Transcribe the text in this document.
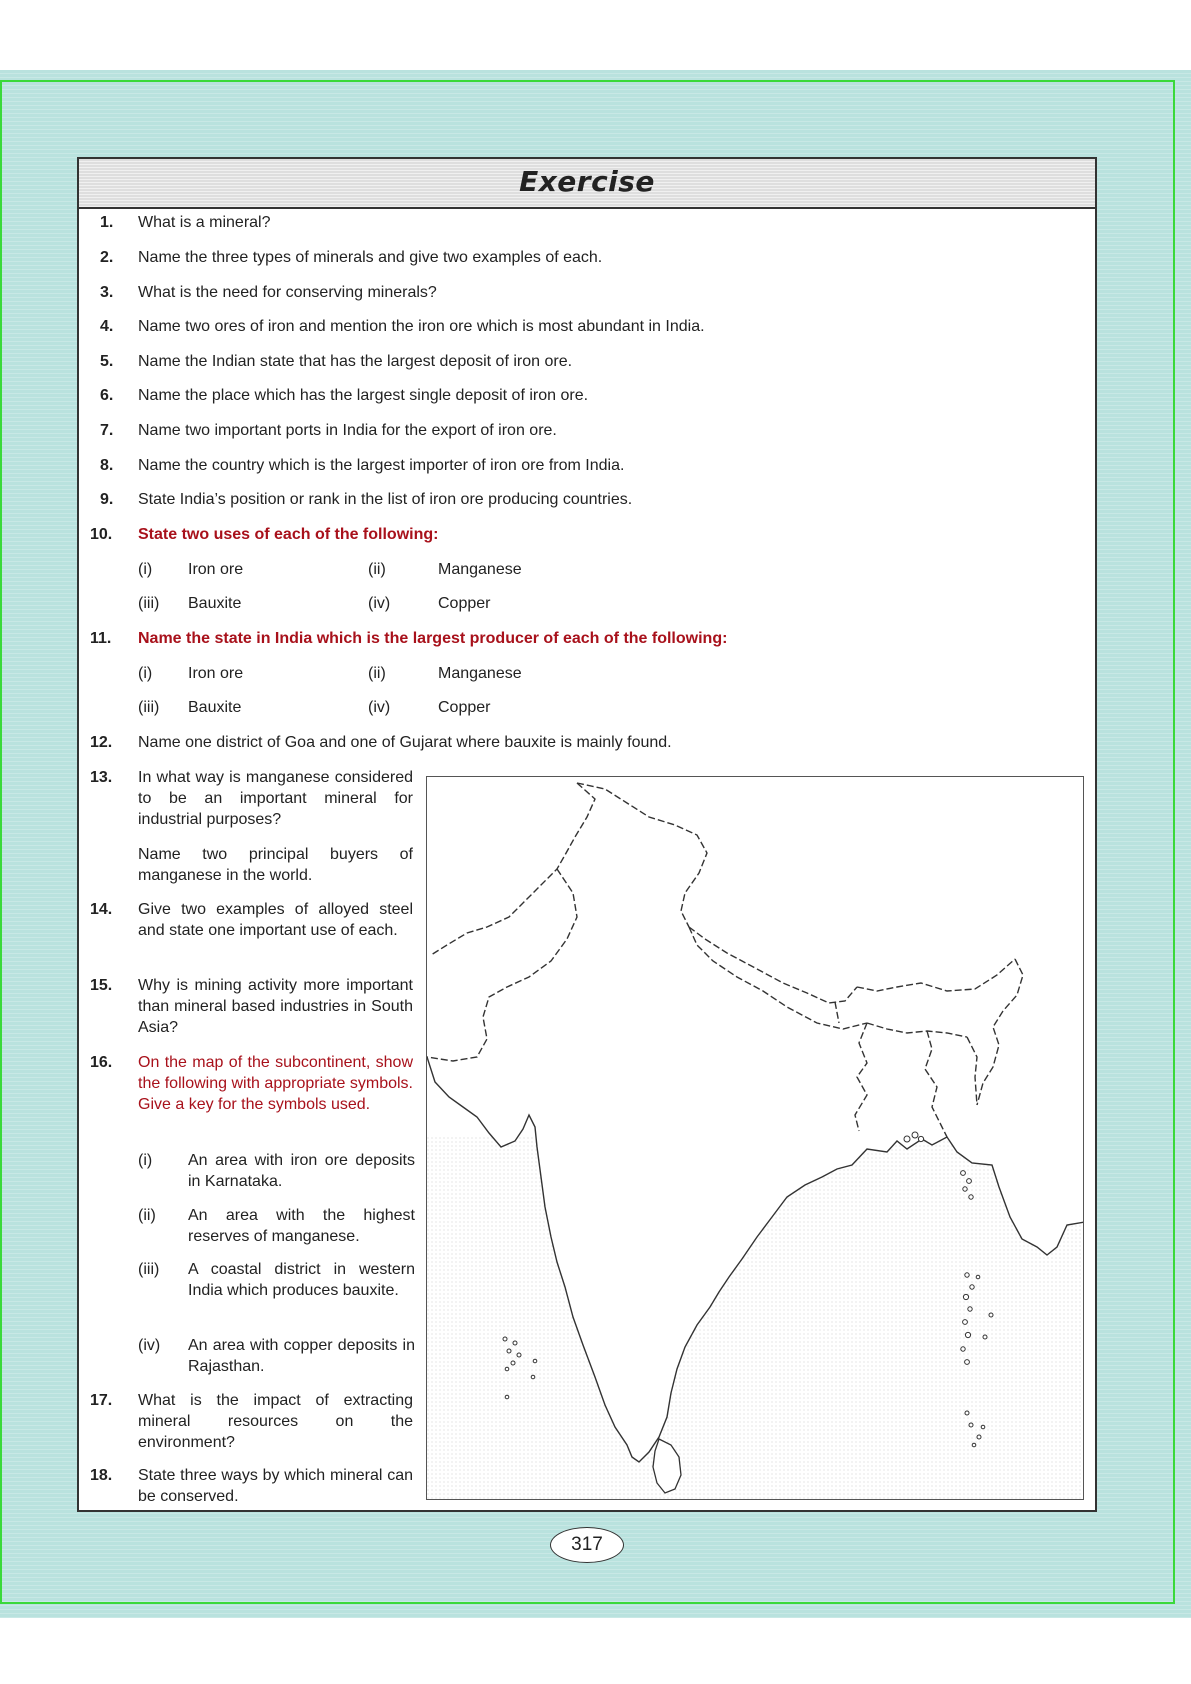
Exercise
1. What is a mineral?
2. Name the three types of minerals and give two examples of each.
3. What is the need for conserving minerals?
4. Name two ores of iron and mention the iron ore which is most abundant in India.
5. Name the Indian state that has the largest deposit of iron ore.
6. Name the place which has the largest single deposit of iron ore.
7. Name two important ports in India for the export of iron ore.
8. Name the country which is the largest importer of iron ore from India.
9. State India’s position or rank in the list of iron ore producing countries.
10. State two uses of each of the following:
(i) Iron ore	(ii)	Manganese
(iii) Bauxite	(iv)	Copper
11. Name the state in India which is the largest producer of each of the following:
(i) Iron ore	(ii)	Manganese
(iii) Bauxite	(iv)	Copper
12. Name one district of Goa and one of Gujarat where bauxite is mainly found.
13. In what way is manganese considered to be an important mineral for industrial purposes?
Name two principal buyers of manganese in the world.
14. Give two examples of alloyed steel and state one important use of each.
15. Why is mining activity more important than mineral based industries in South Asia?
16. On the map of the subcontinent, show the following with appropriate symbols. Give a key for the symbols used.
(i) An area with iron ore deposits in Karnataka.
(ii) An area with the highest reserves of manganese.
(iii) A coastal district in western India which produces bauxite.
(iv) An area with copper deposits in Rajasthan.
17. What is the impact of extracting mineral resources on the environment?
18. State three ways by which mineral can be conserved.
317
